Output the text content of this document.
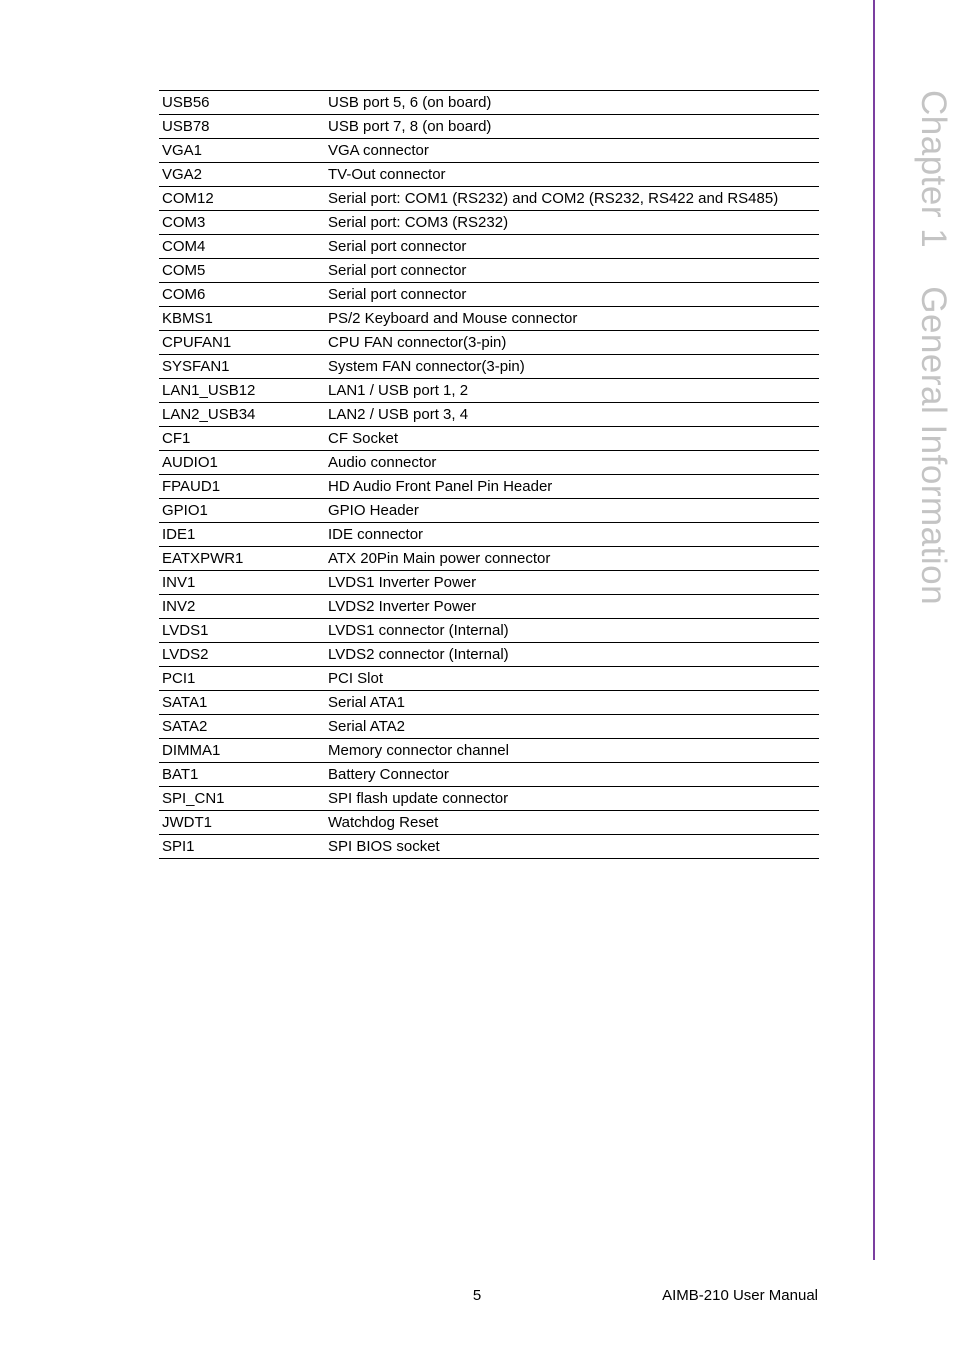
Chapter 1General Information
USB56	USB port 5, 6 (on board)
USB78	USB port 7, 8 (on board)
VGA1	VGA connector
VGA2	TV-Out connector
COM12	Serial port: COM1 (RS232) and COM2 (RS232, RS422 and RS485)
COM3	Serial port: COM3 (RS232)
COM4	Serial port connector
COM5	Serial port connector
COM6	Serial port connector
KBMS1	PS/2 Keyboard and Mouse connector
CPUFAN1	CPU FAN connector(3-pin)
SYSFAN1	System FAN connector(3-pin)
LAN1_USB12	LAN1 / USB port 1, 2
LAN2_USB34	LAN2 / USB port 3, 4
CF1	CF Socket
AUDIO1	Audio connector
FPAUD1	HD Audio Front Panel Pin Header
GPIO1	GPIO Header
IDE1	IDE connector
EATXPWR1	ATX 20Pin Main power connector
INV1	LVDS1 Inverter Power
INV2	LVDS2 Inverter Power
LVDS1	LVDS1 connector (Internal)
LVDS2	LVDS2 connector (Internal)
PCI1	PCI Slot
SATA1	Serial ATA1
SATA2	Serial ATA2
DIMMA1	Memory connector channel
BAT1	Battery Connector
SPI_CN1	SPI flash update connector
JWDT1	Watchdog Reset
SPI1	SPI BIOS socket
5	AIMB-210 User Manual
